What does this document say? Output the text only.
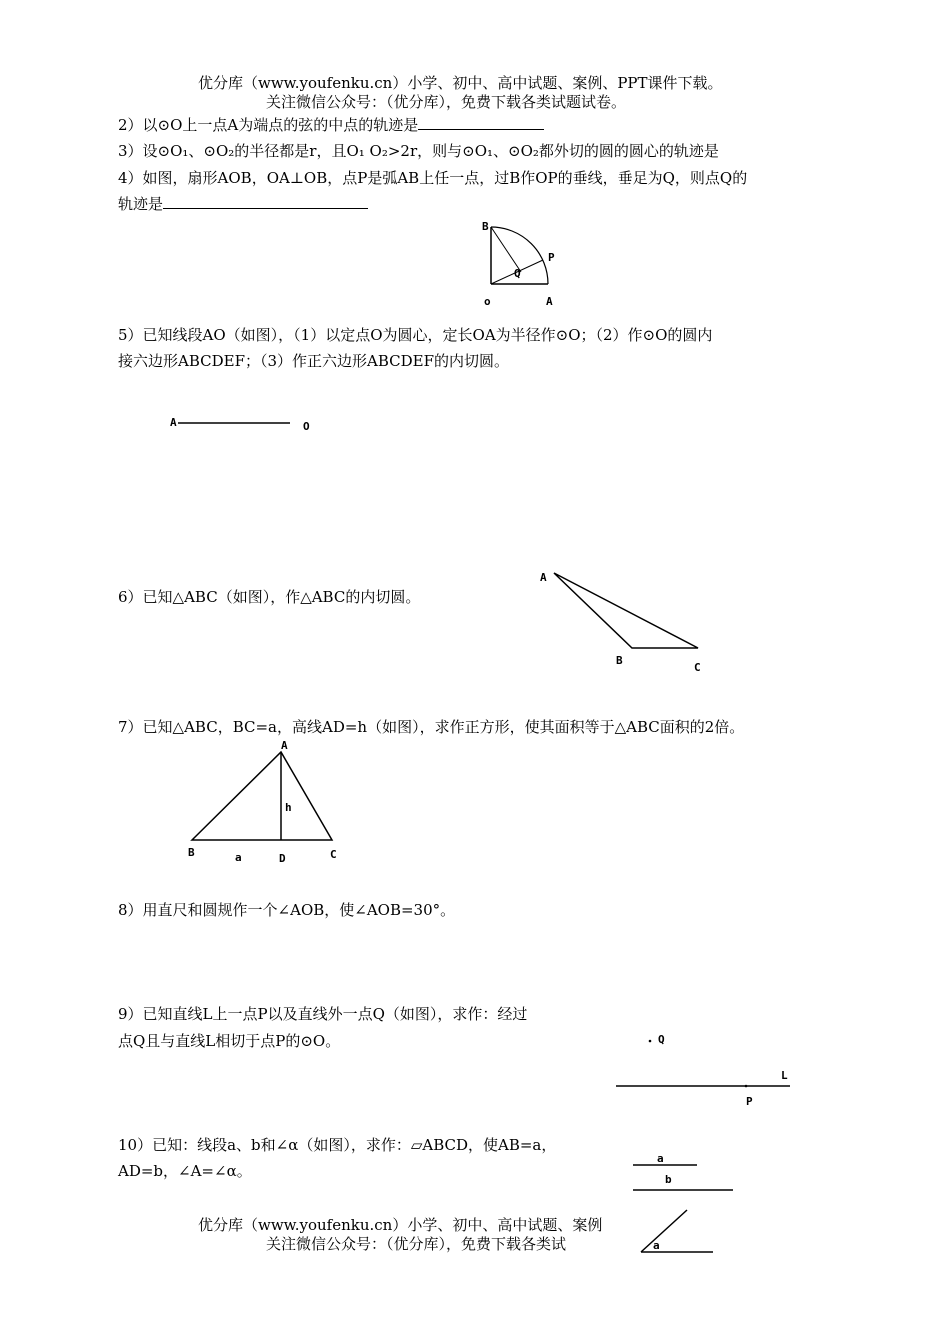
优分库（www.youfenku.cn）小学、初中、高中试题、案例、PPT课件下载。
关注微信公众号：（优分库），免费下载各类试题试卷。
2）以⊙O上一点A为端点的弦的中点的轨迹是
3）设⊙O₁、⊙O₂的半径都是r，且O₁ O₂>2r，则与⊙O₁、⊙O₂都外切的圆的圆心的轨迹是
4）如图，扇形AOB，OA⊥OB，点P是弧AB上任一点，过B作OP的垂线，垂足为Q，则点Q的
轨迹是
B
P
Q
o	A
5）已知线段AO（如图），（1）以定点O为圆心，定长OA为半径作⊙O；（2）作⊙O的圆内
接六边形ABCDEF；（3）作正六边形ABCDEF的内切圆。
A	O
6）已知△ABC（如图），作△ABC的内切圆。
A
B
C
7）已知△ABC，BC=a，高线AD=h（如图），求作正方形，使其面积等于△ABC面积的2倍。
A
h
B	a	D	C
8）用直尺和圆规作一个∠AOB，使∠AOB=30°。
9）已知直线L上一点P以及直线外一点Q（如图），求作：经过
点Q且与直线L相切于点P的⊙O。	Q
L
P
10）已知：线段a、b和∠α（如图），求作：▱ABCD，使AB=a，
AD=b，∠A=∠α。
a
b
a
优分库（www.youfenku.cn）小学、初中、高中试题、案例
关注微信公众号：（优分库），免费下载各类试
